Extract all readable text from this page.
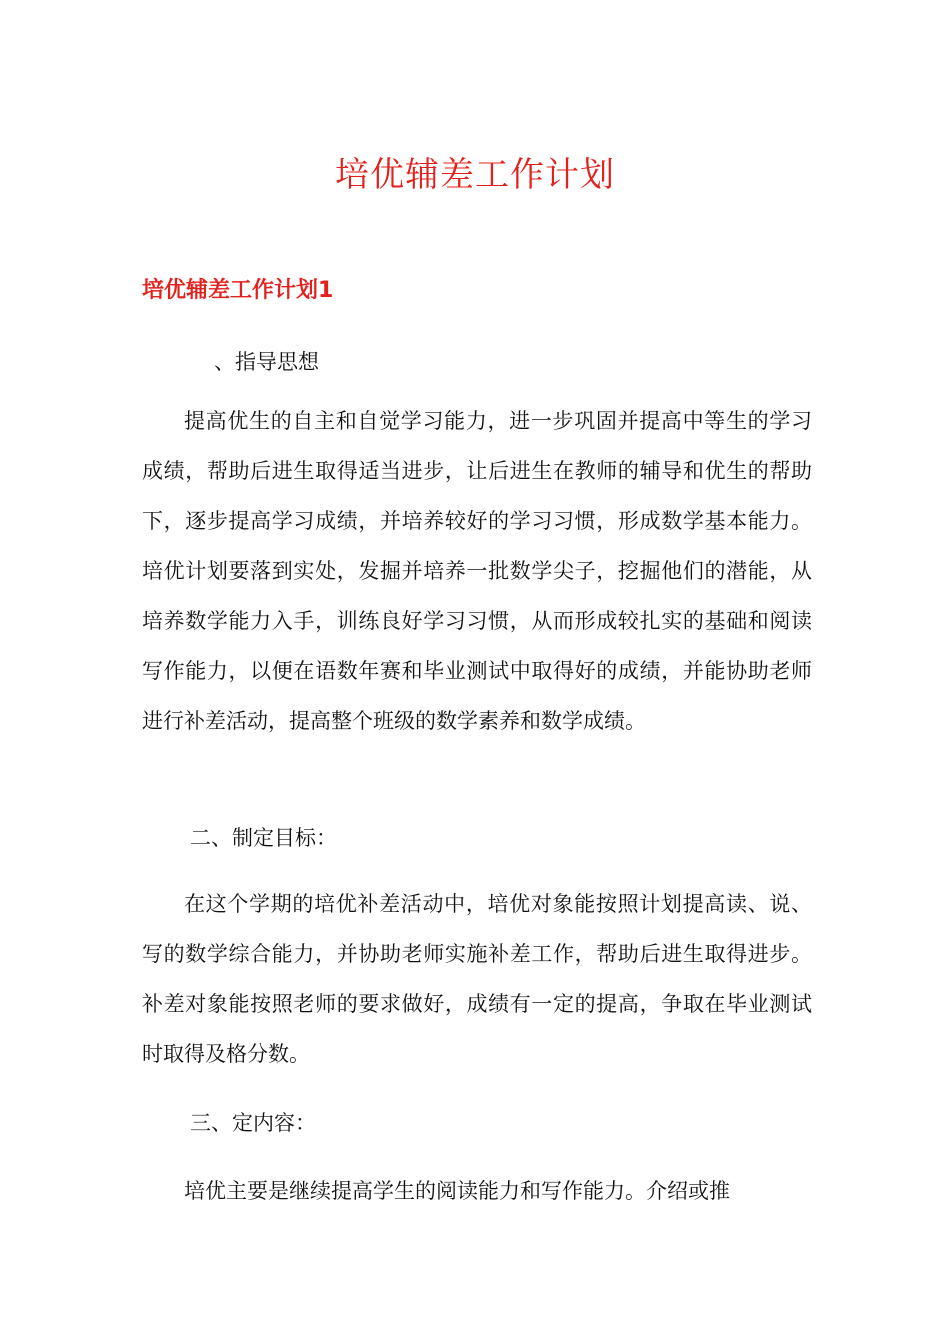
培优辅差工作计划
培优辅差工作计划1
、指导思想

提高优生的自主和自觉学习能力，进一步巩固并提高中等生的学习成绩，帮助后进生取得适当进步，让后进生在教师的辅导和优生的帮助下，逐步提高学习成绩，并培养较好的学习习惯，形成数学基本能力。培优计划要落到实处，发掘并培养一批数学尖子，挖掘他们的潜能，从培养数学能力入手，训练良好学习习惯，从而形成较扎实的基础和阅读写作能力，以便在语数年赛和毕业测试中取得好的成绩，并能协助老师进行补差活动，提高整个班级的数学素养和数学成绩。

二、制定目标：

在这个学期的培优补差活动中，培优对象能按照计划提高读、说、写的数学综合能力，并协助老师实施补差工作，帮助后进生取得进步。补差对象能按照老师的要求做好，成绩有一定的提高，争取在毕业测试时取得及格分数。

三、定内容：

培优主要是继续提高学生的阅读能力和写作能力。介绍或推
